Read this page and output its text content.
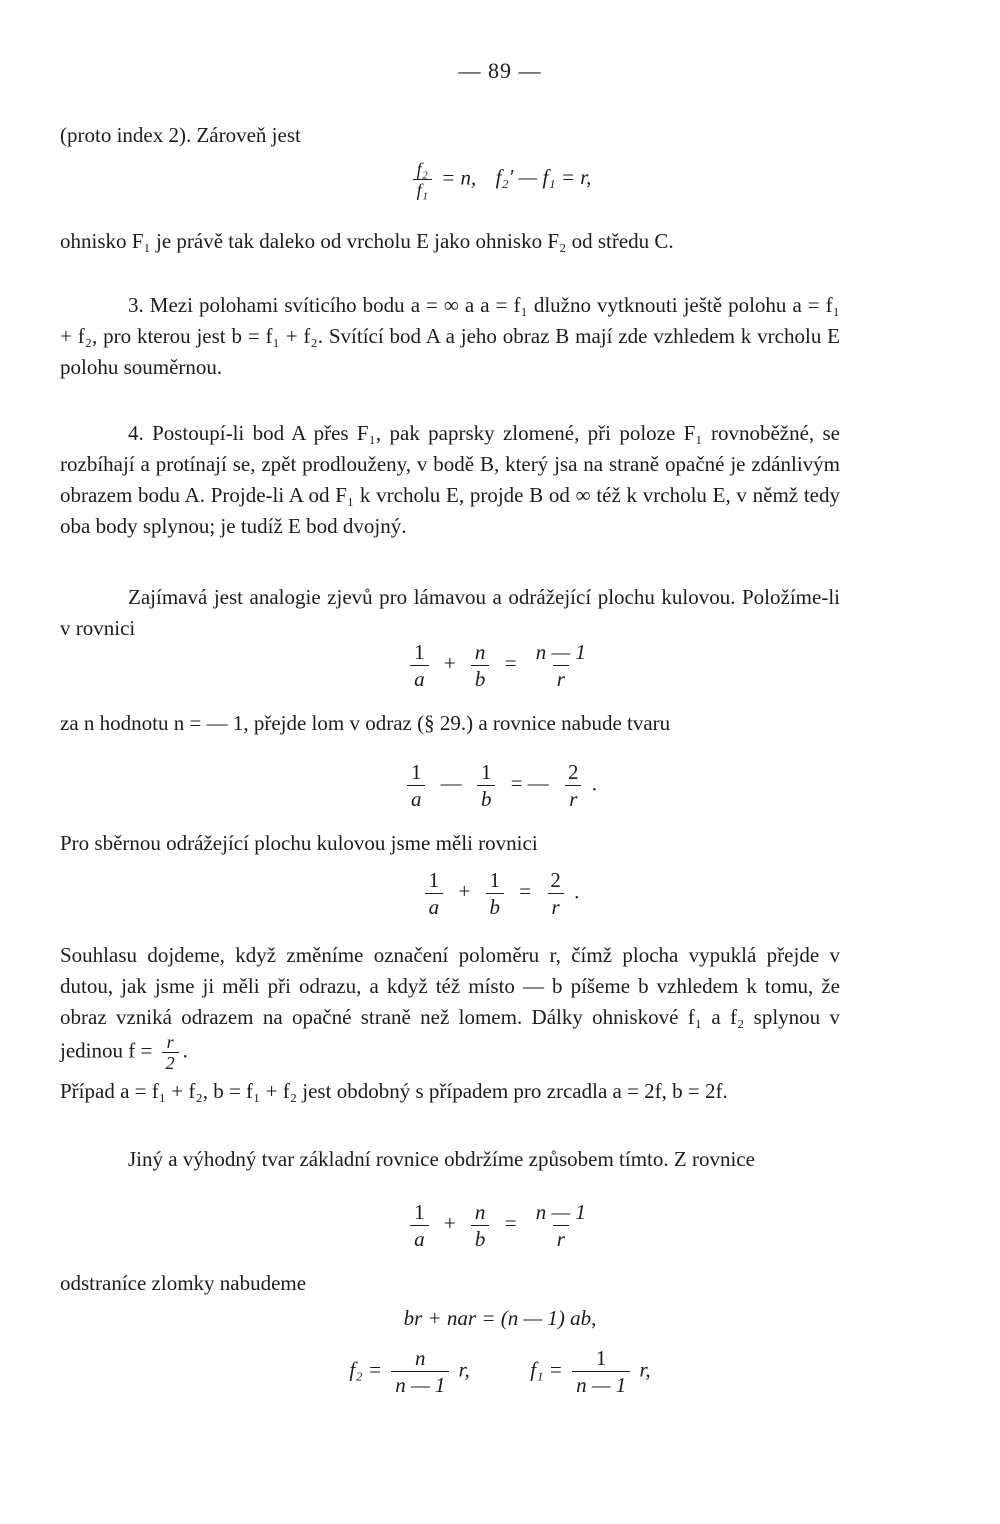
— 89 —
(proto index 2). Zároveň jest
$\frac{\text{f₂}}{\text{f₁}} = n$, f₂′ — f₁ = r,
ohnisko F₁ je právě tak daleko od vrcholu E jako ohnisko F₂ od středu C.
3. Mezi polohami svíticího bodu a = ∞ a a = f₁ dlužno vytknouti ještě polohu a = f₁ + f₂, pro kterou jest b = f₁ + f₂. Svítící bod A a jeho obraz B mají zde vzhledem k vrcholu E polohu souměrnou.
4. Postoupí-li bod A přes F₁, pak paprsky zlomené, při poloze F₁ rovnoběžné, se rozbíhají a protínají se, zpět prodlouženy, v bodě B, který jsa na straně opačné je zdánlivým obrazem bodu A. Projde-li A od F₁ k vrcholu E, projde B od ∞ též k vrcholu E, v němž tedy oba body splynou; je tudíž E bod dvojný.
Zajímavá jest analogie zjevů pro lámavou a odrážející plochu kulovou. Položíme-li v rovnici
$\frac{1}{a} + \frac{n}{b} = \frac{n — 1}{r}$
za n hodnotu n = — 1, přejde lom v odraz (§ 29.) a rovnice nabude tvaru
$\frac{1}{a}$ — $\frac{1}{b}$ = — $\frac{2}{r}$ .
Pro sběrnou odrážející plochu kulovou jsme měli rovnici
$\frac{1}{a} + \frac{1}{b} = \frac{2}{r}$ .
Souhlasu dojdeme, když změníme označení poloměru r, čímž plocha vypuklá přejde v dutou, jak jsme ji měli při odrazu, a když též místo — b píšeme b vzhledem k tomu, že obraz vzniká odrazem na opačné straně než lomem. Dálky ohniskové f₁ a f₂ splynou v jedinou $f = \frac{r}{2}$ .
Případ a = f₁ + f₂, b = f₁ + f₂ jest obdobný s případem pro zrcadla a = 2f, b = 2f.
Jiný a výhodný tvar základní rovnice obdržíme způsobem tímto. Z rovnice
$\frac{1}{a} + \frac{n}{b} = \frac{n — 1}{r}$
odstraníce zlomky nabudeme
br + nar = (n — 1) ab,
$f_2 = \frac{n}{n — 1} r$,	$f_1 = \frac{1}{n — 1} r$,
